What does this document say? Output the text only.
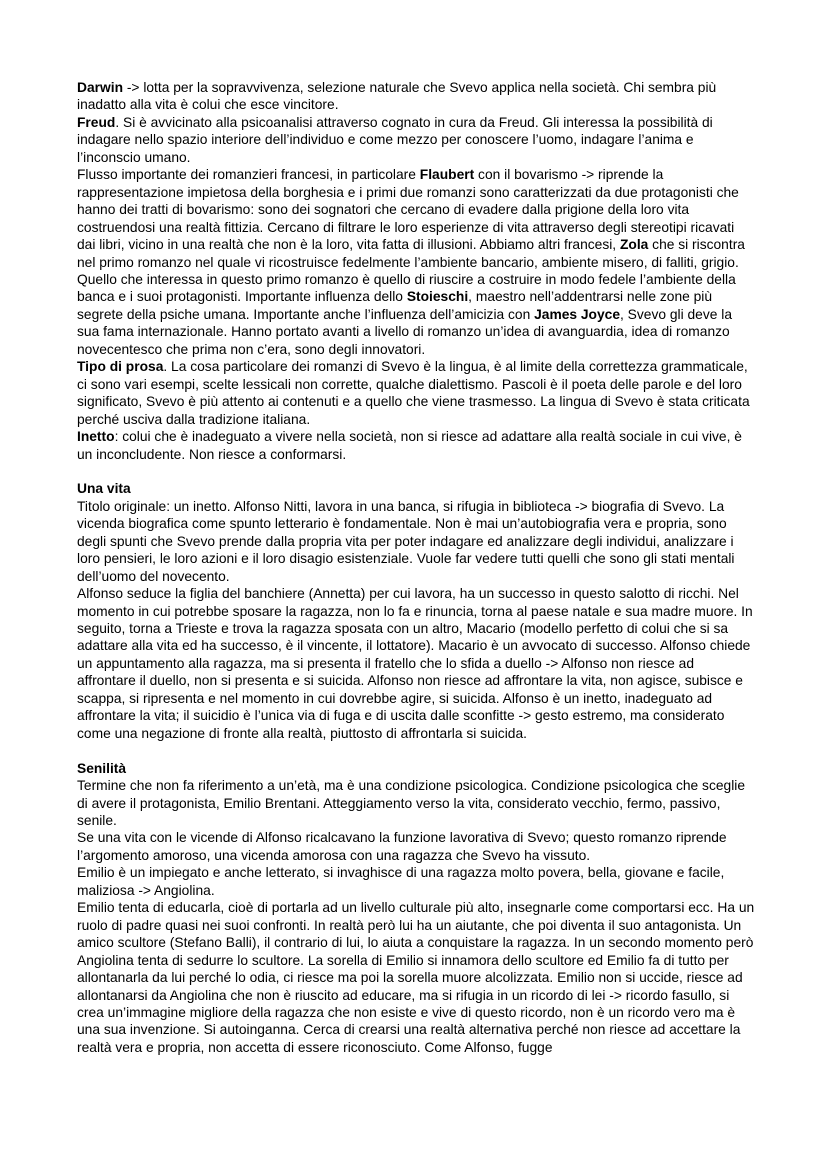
Darwin -> lotta per la sopravvivenza, selezione naturale che Svevo applica nella società. Chi sembra più inadatto alla vita è colui che esce vincitore.
Freud. Si è avvicinato alla psicoanalisi attraverso cognato in cura da Freud. Gli interessa la possibilità di indagare nello spazio interiore dell’individuo e come mezzo per conoscere l’uomo, indagare l’anima e l’inconscio umano.
Flusso importante dei romanzieri francesi, in particolare Flaubert con il bovarismo -> riprende la rappresentazione impietosa della borghesia e i primi due romanzi sono caratterizzati da due protagonisti che hanno dei tratti di bovarismo: sono dei sognatori che cercano di evadere dalla prigione della loro vita costruendosi una realtà fittizia. Cercano di filtrare le loro esperienze di vita attraverso degli stereotipi ricavati dai libri, vicino in una realtà che non è la loro, vita fatta di illusioni. Abbiamo altri francesi, Zola che si riscontra nel primo romanzo nel quale vi ricostruisce fedelmente l’ambiente bancario, ambiente misero, di falliti, grigio. Quello che interessa in questo primo romanzo è quello di riuscire a costruire in modo fedele l’ambiente della banca e i suoi protagonisti. Importante influenza dello Stoieschi, maestro nell’addentrarsi nelle zone più segrete della psiche umana. Importante anche l’influenza dell’amicizia con James Joyce, Svevo gli deve la sua fama internazionale. Hanno portato avanti a livello di romanzo un’idea di avanguardia, idea di romanzo novecentesco che prima non c’era, sono degli innovatori.
Tipo di prosa. La cosa particolare dei romanzi di Svevo è la lingua, è al limite della correttezza grammaticale, ci sono vari esempi, scelte lessicali non corrette, qualche dialettismo. Pascoli è il poeta delle parole e del loro significato, Svevo è più attento ai contenuti e a quello che viene trasmesso. La lingua di Svevo è stata criticata perché usciva dalla tradizione italiana.
Inetto: colui che è inadeguato a vivere nella società, non si riesce ad adattare alla realtà sociale in cui vive, è un inconcludente. Non riesce a conformarsi.
Una vita
Titolo originale: un inetto. Alfonso Nitti, lavora in una banca, si rifugia in biblioteca -> biografia di Svevo. La vicenda biografica come spunto letterario è fondamentale. Non è mai un’autobiografia vera e propria, sono degli spunti che Svevo prende dalla propria vita per poter indagare ed analizzare degli individui, analizzare i loro pensieri, le loro azioni e il loro disagio esistenziale. Vuole far vedere tutti quelli che sono gli stati mentali dell’uomo del novecento.
Alfonso seduce la figlia del banchiere (Annetta) per cui lavora, ha un successo in questo salotto di ricchi. Nel momento in cui potrebbe sposare la ragazza, non lo fa e rinuncia, torna al paese natale e sua madre muore. In seguito, torna a Trieste e trova la ragazza sposata con un altro, Macario (modello perfetto di colui che si sa adattare alla vita ed ha successo, è il vincente, il lottatore). Macario è un avvocato di successo. Alfonso chiede un appuntamento alla ragazza, ma si presenta il fratello che lo sfida a duello -> Alfonso non riesce ad affrontare il duello, non si presenta e si suicida. Alfonso non riesce ad affrontare la vita, non agisce, subisce e scappa, si ripresenta e nel momento in cui dovrebbe agire, si suicida. Alfonso è un inetto, inadeguato ad affrontare la vita; il suicidio è l’unica via di fuga e di uscita dalle sconfitte -> gesto estremo, ma considerato come una negazione di fronte alla realtà, piuttosto di affrontarla si suicida.
Senilità
Termine che non fa riferimento a un’età, ma è una condizione psicologica. Condizione psicologica che sceglie di avere il protagonista, Emilio Brentani. Atteggiamento verso la vita, considerato vecchio, fermo, passivo, senile.
Se una vita con le vicende di Alfonso ricalcavano la funzione lavorativa di Svevo; questo romanzo riprende l’argomento amoroso, una vicenda amorosa con una ragazza che Svevo ha vissuto.
Emilio è un impiegato e anche letterato, si invaghisce di una ragazza molto povera, bella, giovane e facile, maliziosa -> Angiolina.
Emilio tenta di educarla, cioè di portarla ad un livello culturale più alto, insegnarle come comportarsi ecc. Ha un ruolo di padre quasi nei suoi confronti. In realtà però lui ha un aiutante, che poi diventa il suo antagonista. Un amico scultore (Stefano Balli), il contrario di lui, lo aiuta a conquistare la ragazza. In un secondo momento però Angiolina tenta di sedurre lo scultore. La sorella di Emilio si innamora dello scultore ed Emilio fa di tutto per allontanarla da lui perché lo odia, ci riesce ma poi la sorella muore alcolizzata. Emilio non si uccide, riesce ad allontanarsi da Angiolina che non è riuscito ad educare, ma si rifugia in un ricordo di lei -> ricordo fasullo, si crea un’immagine migliore della ragazza che non esiste e vive di questo ricordo, non è un ricordo vero ma è una sua invenzione. Si autoinganna. Cerca di crearsi una realtà alternativa perché non riesce ad accettare la realtà vera e propria, non accetta di essere riconosciuto. Come Alfonso, fugge
